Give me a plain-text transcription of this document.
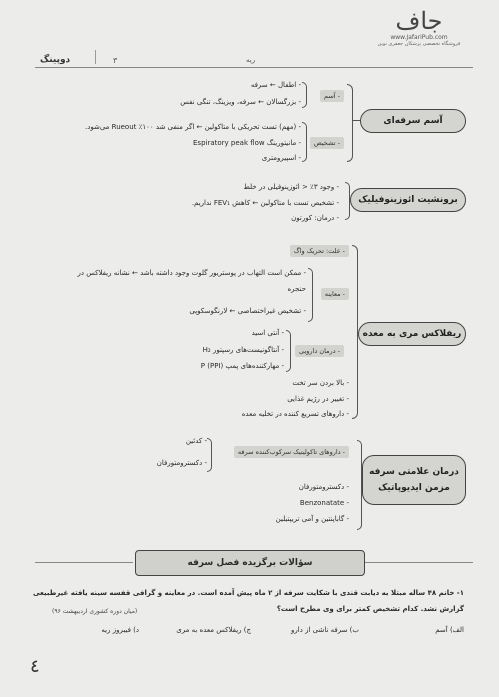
جاف
www.JafariPub.com
فروشگاه تخصصی پزشکان جعفری نوین
دوپینگ	۳	ریه
آسم سرفه‌ای
- آسم
- اطفال ← سرفه
- بزرگسالان ← سرفه، ویزینگ، تنگی نفس
- تشخیص
- (مهم) تست تحریکی با متاکولین ← اگر منفی شد ۱۰۰٪ Rueout می‌شود.
- مانیتورینگ Espiratory peak flow
- اسپیرومتری
برونشیت ائوزینوفیلیک
- وجود ۳٪ < ائوزینوفیلی در خلط
- تشخیص تست با متاکولین ← کاهش FEV₁ نداریم.
- درمان: کورتون
ریفلاکس مری به معده
- علت: تحریک واگ
- معاینه
- ممکن است التهاب در پوستریور گلوت وجود داشته باشد ← نشانه ریفلاکس در
حنجره
- تشخیص غیراختصاصی ← لارنگوسکوپی
- درمان دارویی
- آنتی اسید
- آنتاگونیست‌های رسپتور H₂
- مهارکننده‌های پمپ (PPI) P
- بالا بردن سر تخت
- تغییر در رژیم غذایی
- داروهای تسریع کننده در تخلیه معده
درمان علامتی سرفه مزمن ایدیوپاتیک
- داروهای تاکولیتیک سرکوب‌کننده سرفه
- کدئین
- دکسترومتورفان
- دکسترومتورفان
- Benzonatate
- گاباپنتین و آمی تریپتیلین
سؤالات برگزیده فصل سرفه
۱- خانم ۴۸ ساله مبتلا به دیابت قندی با شکایت سرفه از ۲ ماه پیش آمده است. در معاینه و گرافی قفسه سینه یافته غیرطبیعی
گزارش نشد. کدام تشخیص کمتر برای وی مطرح است؟
(میان دوره کشوری اردیبهشت ۹۶)
الف) آسم
ب) سرفه ناشی از دارو
ج) ریفلاکس معده به مری
د) فیبروز ریه
٤
